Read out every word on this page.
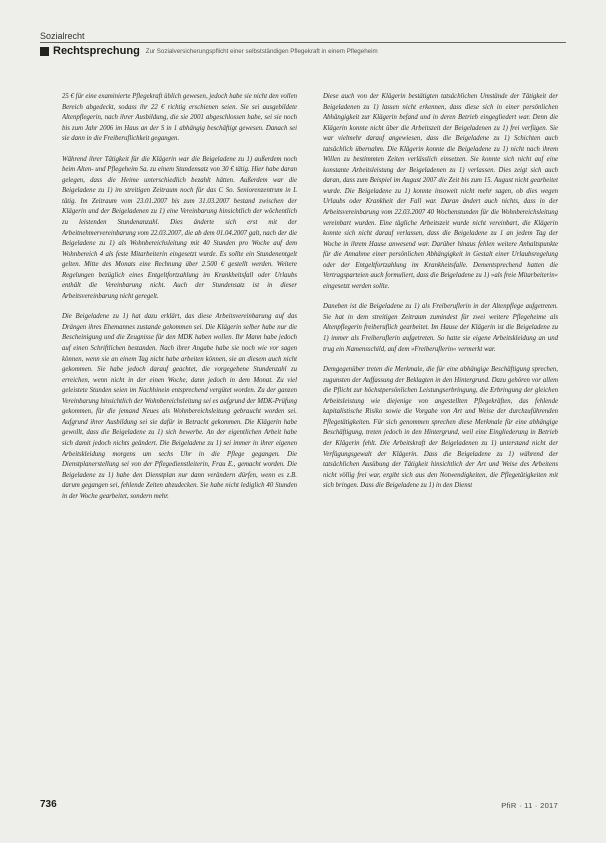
Sozialrecht
Rechtsprechung Zur Sozialversicherungspflicht einer selbstständigen Pflegekraft in einem Pflegeheim

25 € für eine examinierte Pflegekraft üblich gewesen, jedoch habe sie nicht den vollen Bereich abgedeckt, sodass ihr 22 € richtig erschienen seien. Sie sei ausgebildete Altenpflegerin, nach ihrer Ausbildung, die sie 2001 abgeschlossen habe, sei sie noch bis zum Jahr 2006 im Haus an der S in 1 abhängig beschäftigt gewesen. Danach sei sie dann in die Freiberuflichkeit gegangen.

Während ihrer Tätigkeit für die Klägerin war die Beigeladene zu 1) außerdem noch beim Alten- und Pflegeheim Sa. zu einem Stundensatz von 30 € tätig. Hier habe daran gelegen, dass die Heime unterschiedlich bezahlt hätten. Außerdem war die Beigeladene zu 1) im streitigen Zeitraum noch für das C So. Seniorenzentrum in L tätig. Im Zeitraum vom 23.01.2007 bis zum 31.03.2007 bestand zwischen der Klägerin und der Beigeladenen zu 1) eine Vereinbarung hinsichtlich der wöchentlich zu leistenden Stundenanzahl. Dies änderte sich erst mit der Arbeitnehmervereinbarung vom 22.03.2007, die ab dem 01.04.2007 galt, nach der die Beigeladene zu 1) als Wohnbereichsleitung mit 40 Stunden pro Woche auf dem Wohnbereich 4 als feste Mitarbeiterin eingesetzt wurde. Es sollte ein Stundenentgelt gelten. Mitte des Monats eine Rechnung über 2.500 € gestellt werden. Weitere Regelungen bezüglich eines Entgeltfortzahlung im Krankheitsfall oder Urlaubs enthält die Vereinbarung nicht. Auch der Stundensatz ist in dieser Arbeitsvereinbarung nicht geregelt.

Die Beigeladene zu 1) hat dazu erklärt, das diese Arbeitsvereinbarung auf das Drängen ihres Ehemannes zustande gekommen sei. Die Klägerin selber habe nur die Bescheinigung und die Zeugnisse für den MDK haben wollen. Ihr Mann habe jedoch auf einen Schriftlichen bestanden. Nach ihrer Angabe habe sie noch wie vor sagen können, wenn sie an einem Tag nicht habe arbeiten können, sie an diesem auch nicht gekommen. Sie habe jedoch darauf geachtet, die vorgegebene Stundenzahl zu erreichen, wenn nicht in der einen Woche, dann jedoch in dem Monat. Zu viel geleistete Stunden seien im Nachhinein entsprechend vergütet worden. Zu der ganzen Vereinbarung hinsichtlich der Wohnbereichsleitung sei es aufgrund der MDK-Prüfung gekommen, für die jemand Neues als Wohnbereichsleitung gebraucht worden sei. Aufgrund ihrer Ausbildung sei sie dafür in Betracht gekommen. Die Klägerin habe gewollt, dass die Beigeladene zu 1) sich bewerbe. An der eigentlichen Arbeit habe sich damit jedoch nichts geändert. Die Beigeladene zu 1) sei immer in ihrer eigenen Arbeitskleidung morgens um sechs Uhr in die Pflege gegangen. Die Dienstplanerstellung sei von der Pflegedienstleiterin, Frau E., gemacht worden. Die Beigeladene zu 1) habe den Dienstplan nur dann verändern dürfen, wenn es z.B. darum gegangen sei, fehlende Zeiten abzudecken. Sie habe nicht lediglich 40 Stunden in der Woche gearbeitet, sondern mehr.

Diese auch von der Klägerin bestätigten tatsächlichen Umstände der Tätigkeit der Beigeladenen zu 1) lassen nicht erkennen, dass diese sich in einer persönlichen Abhängigkeit zur Klägerin befand und in deren Betrieb eingegliedert war. Denn die Klägerin konnte nicht über die Arbeitszeit der Beigeladenen zu 1) frei verfügen. Sie war vielmehr darauf angewiesen, dass die Beigeladene zu 1) Schichten auch tatsächlich übernahm. Die Klägerin konnte die Beigeladene zu 1) nicht nach ihrem Willen zu bestimmten Zeiten verlässlich einsetzen. Sie konnte sich nicht auf eine konstante Arbeitsleistung der Beigeladenen zu 1) verlassen. Dies zeigt sich auch daran, dass zum Beispiel im August 2007 die Zeit bis zum 15. August nicht gearbeitet wurde. Die Beigeladene zu 1) konnte insoweit nicht mehr sagen, ob dies wegen Urlaubs oder Krankheit der Fall war. Daran ändert auch nichts, dass in der Arbeitsvereinbarung vom 22.03.2007 40 Wochenstunden für die Wohnbereichsleitung vereinbart wurden. Eine tägliche Arbeitszeit wurde nicht vereinbart, die Klägerin konnte sich nicht darauf verlassen, dass die Beigeladene zu 1 an jedem Tag der Woche in ihrem Hause anwesend war. Darüber hinaus fehlen weitere Anhaltspunkte für die Annahme einer persönlichen Abhängigkeit in Gestalt einer Urlaubsregelung oder der Entgeltfortzahlung im Krankheitsfalle. Dementsprechend hatten die Vertragsparteien auch formuliert, dass die Beigeladene zu 1) »als freie Mitarbeiterin« eingesetzt werden sollte.

Daneben ist die Beigeladene zu 1) als Freiberuflerin in der Altenpflege aufgetreten. Sie hat in dem streitigen Zeitraum zumindest für zwei weitere Pflegeheime als Altenpflegerin freiberuflich gearbeitet. Im Hause der Klägerin ist die Beigeladene zu 1) immer als Freiberuflerin aufgetreten. So hatte sie eigene Arbeitskleidung an und trug ein Namensschild, auf dem »Freiberuflerin« vermerkt war.

Demgegenüber treten die Merkmale, die für eine abhängige Beschäftigung sprechen, zugunsten der Auffassung der Beklagten in den Hintergrund. Dazu gehören vor allem die Pflicht zur höchstpersönlichen Leistungserbringung, die Erbringung der gleichen Arbeitsleistung wie diejenige von angestellten Pflegekräften, das fehlende kapitalistische Risiko sowie die Vorgabe von Art und Weise der durchzuführenden Pflegetätigkeiten. Für sich genommen sprechen diese Merkmale für eine abhängige Beschäftigung, treten jedoch in den Hintergrund, weil eine Eingliederung in Betrieb der Klägerin fehlt. Die Arbeitskraft der Beigeladenen zu 1) unterstand nicht der Verfügungsgewalt der Klägerin. Dass die Beigeladene zu 1) während der tatsächlichen Ausübung der Tätigkeit hinsichtlich der Art und Weise des Arbeitens nicht völlig frei war, ergibt sich aus den Notwendigkeiten, die Pflegetätigkeiten mit sich bringen. Dass die Beigeladene zu 1) in den Dienst

736	PfiR · 11 · 2017
